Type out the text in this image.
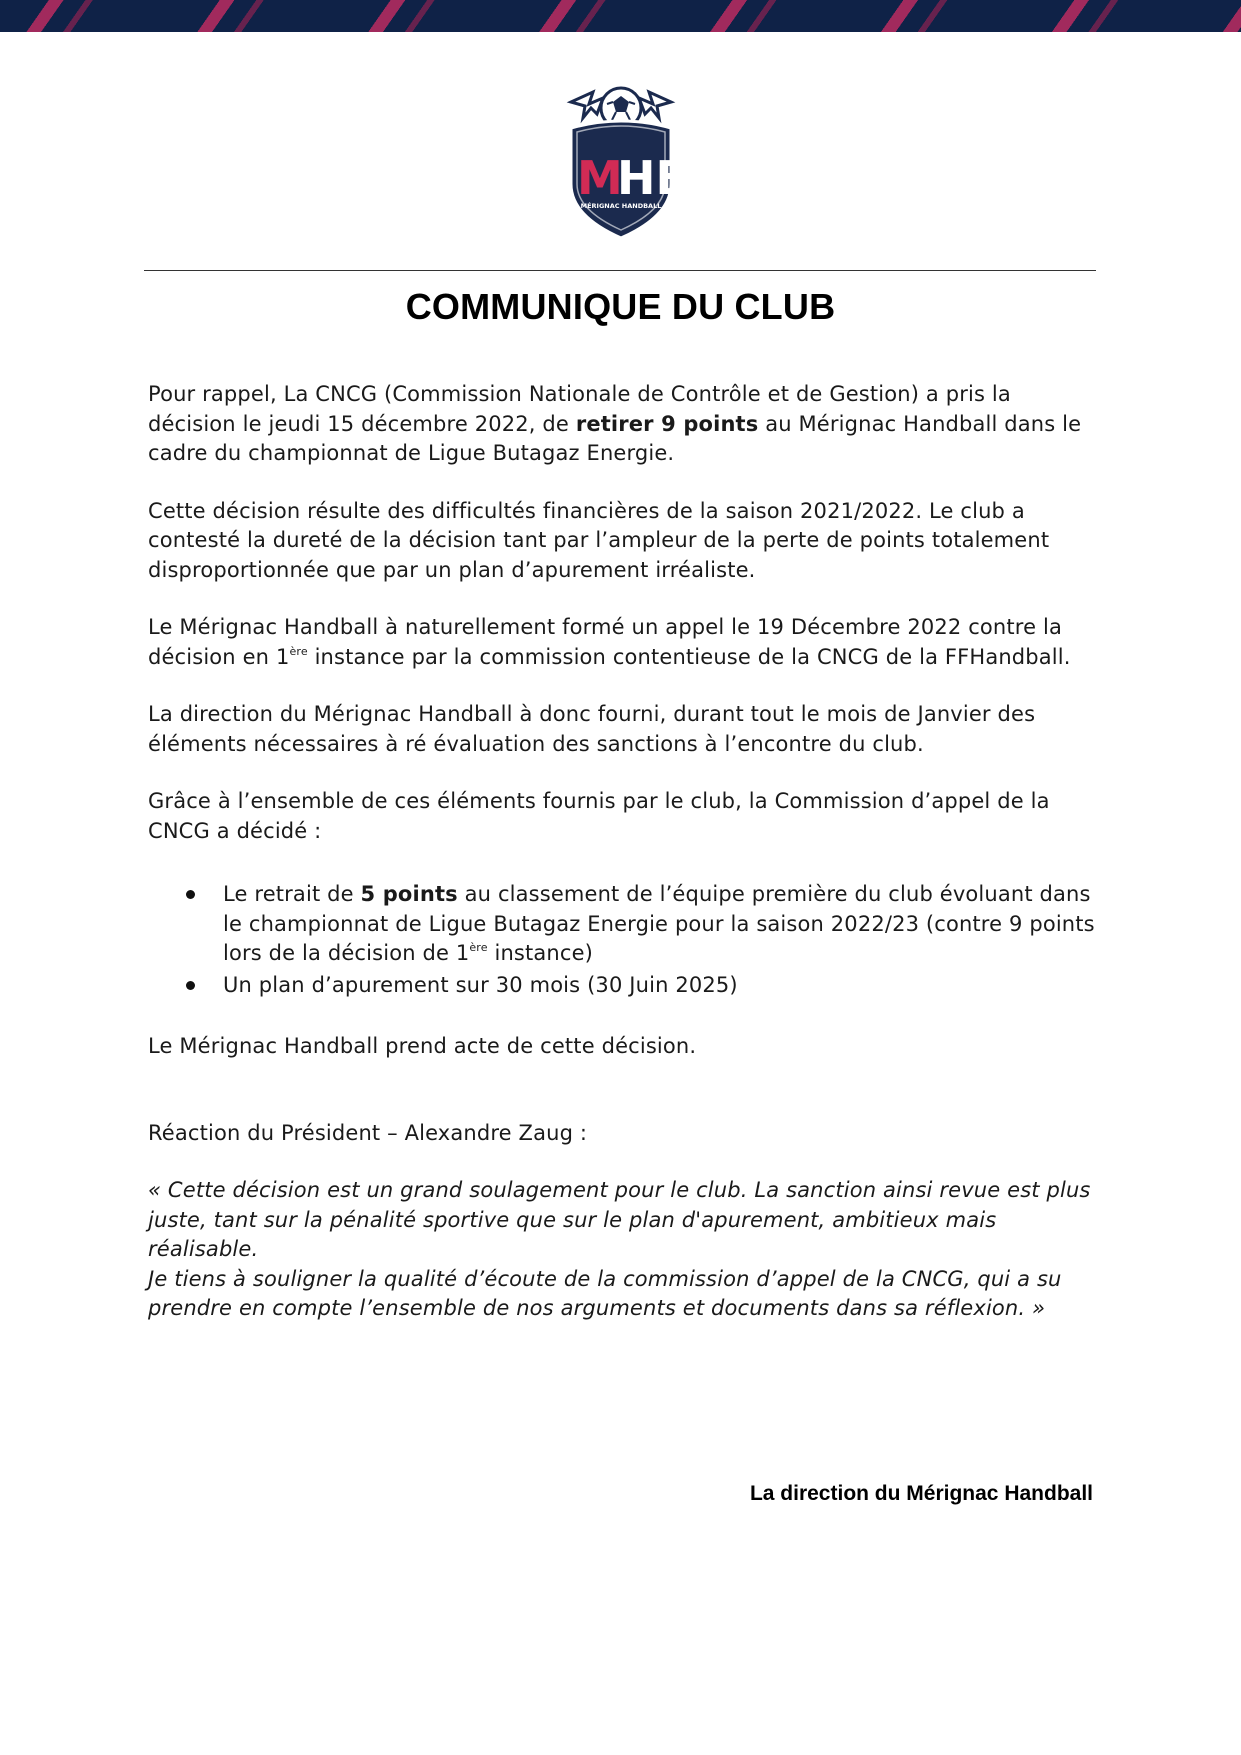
M
HB
MÉRIGNAC HANDBALL
COMMUNIQUE DU CLUB

Pour rappel, La CNCG (Commission Nationale de Contrôle et de Gestion) a pris la décision le jeudi 15 décembre 2022, de retirer 9 points au Mérignac Handball dans le cadre du championnat de Ligue Butagaz Energie.

Cette décision résulte des difficultés financières de la saison 2021/2022. Le club a contesté la dureté de la décision tant par l’ampleur de la perte de points totalement disproportionnée que par un plan d’apurement irréaliste.

Le Mérignac Handball à naturellement formé un appel le 19 Décembre 2022 contre la décision en 1ère instance par la commission contentieuse de la CNCG de la FFHandball.

La direction du Mérignac Handball à donc fourni, durant tout le mois de Janvier des éléments nécessaires à ré évaluation des sanctions à l’encontre du club.

Grâce à l’ensemble de ces éléments fournis par le club, la Commission d’appel de la CNCG a décidé :

Le retrait de 5 points au classement de l’équipe première du club évoluant dans le championnat de Ligue Butagaz Energie pour la saison 2022/23 (contre 9 points lors de la décision de 1ère instance)
Un plan d’apurement sur 30 mois (30 Juin 2025)

Le Mérignac Handball prend acte de cette décision.

Réaction du Président – Alexandre Zaug :

« Cette décision est un grand soulagement pour le club. La sanction ainsi revue est plus juste, tant sur la pénalité sportive que sur le plan d'apurement, ambitieux mais réalisable.
Je tiens à souligner la qualité d’écoute de la commission d’appel de la CNCG, qui a su prendre en compte l’ensemble de nos arguments et documents dans sa réflexion. »

La direction du Mérignac Handball
